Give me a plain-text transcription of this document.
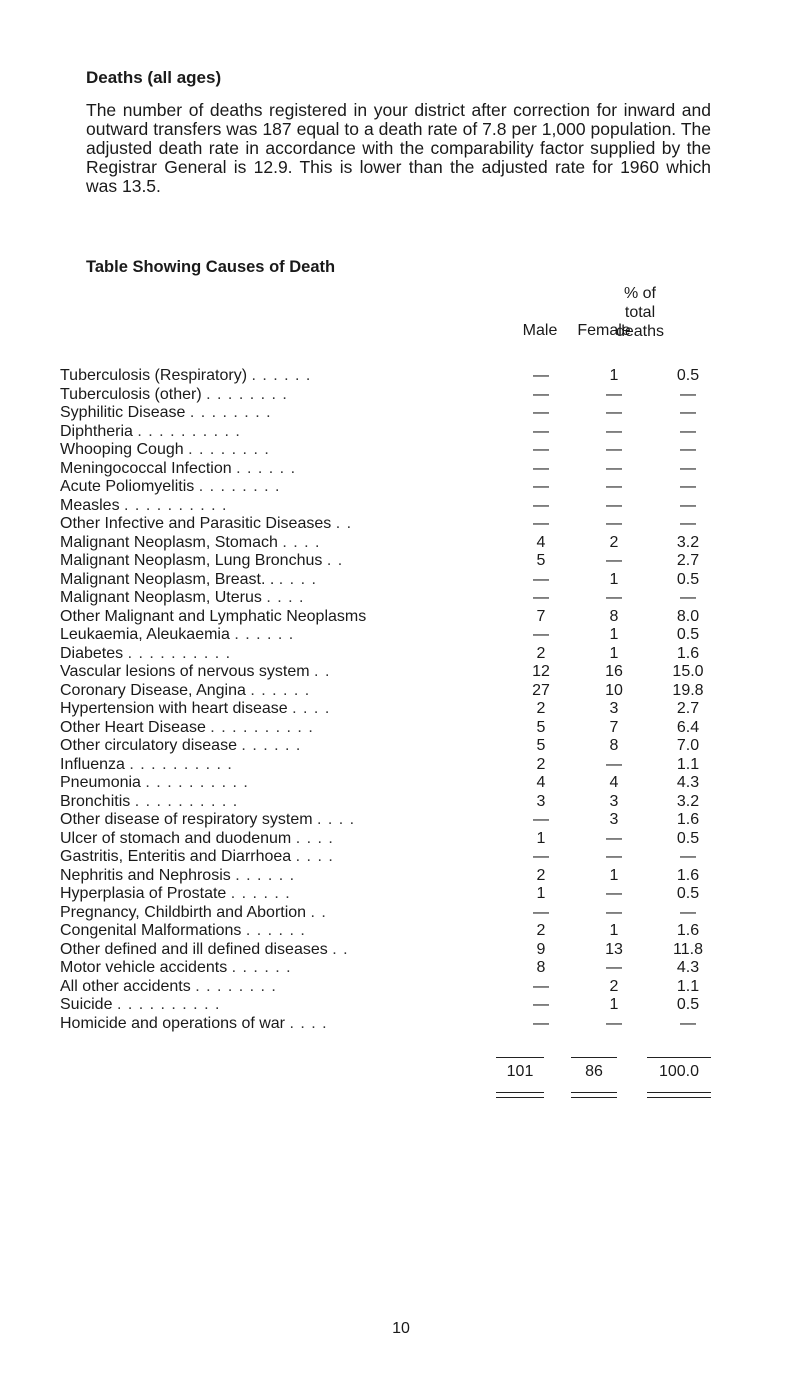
Deaths (all ages)
The number of deaths registered in your district after correction for inward and outward transfers was 187 equal to a death rate of 7.8 per 1,000 population. The adjusted death rate in accordance with the comparability factor supplied by the Registrar General is 12.9. This is lower than the adjusted rate for 1960 which was 13.5.
Table Showing Causes of Death
% of
total
deaths
Male	Female
Tuberculosis (Respiratory) . . . . . .	—	1	0.5
Tuberculosis (other) . . . . . . . .	—	—	—
Syphilitic Disease . . . . . . . .	—	—	—
Diphtheria . . . . . . . . . .	—	—	—
Whooping Cough . . . . . . . .	—	—	—
Meningococcal Infection . . . . . .	—	—	—
Acute Poliomyelitis . . . . . . . .	—	—	—
Measles . . . . . . . . . .	—	—	—
Other Infective and Parasitic Diseases . .	—	—	—
Malignant Neoplasm, Stomach . . . .	4	2	3.2
Malignant Neoplasm, Lung Bronchus . .	5	—	2.7
Malignant Neoplasm, Breast. . . . . .	—	1	0.5
Malignant Neoplasm, Uterus . . . .	—	—	—
Other Malignant and Lymphatic Neoplasms	7	8	8.0
Leukaemia, Aleukaemia . . . . . .	—	1	0.5
Diabetes . . . . . . . . . .	2	1	1.6
Vascular lesions of nervous system . .	12	16	15.0
Coronary Disease, Angina . . . . . .	27	10	19.8
Hypertension with heart disease . . . .	2	3	2.7
Other Heart Disease . . . . . . . . . .	5	7	6.4
Other circulatory disease . . . . . .	5	8	7.0
Influenza . . . . . . . . . .	2	—	1.1
Pneumonia . . . . . . . . . .	4	4	4.3
Bronchitis . . . . . . . . . .	3	3	3.2
Other disease of respiratory system . . . .	—	3	1.6
Ulcer of stomach and duodenum . . . .	1	—	0.5
Gastritis, Enteritis and Diarrhoea . . . .	—	—	—
Nephritis and Nephrosis . . . . . .	2	1	1.6
Hyperplasia of Prostate . . . . . .	1	—	0.5
Pregnancy, Childbirth and Abortion . .	—	—	—
Congenital Malformations . . . . . .	2	1	1.6
Other defined and ill defined diseases . .	9	13	11.8
Motor vehicle accidents . . . . . .	8	—	4.3
All other accidents . . . . . . . .	—	2	1.1
Suicide . . . . . . . . . .	—	1	0.5
Homicide and operations of war . . . .	—	—	—
101	86	100.0
10
